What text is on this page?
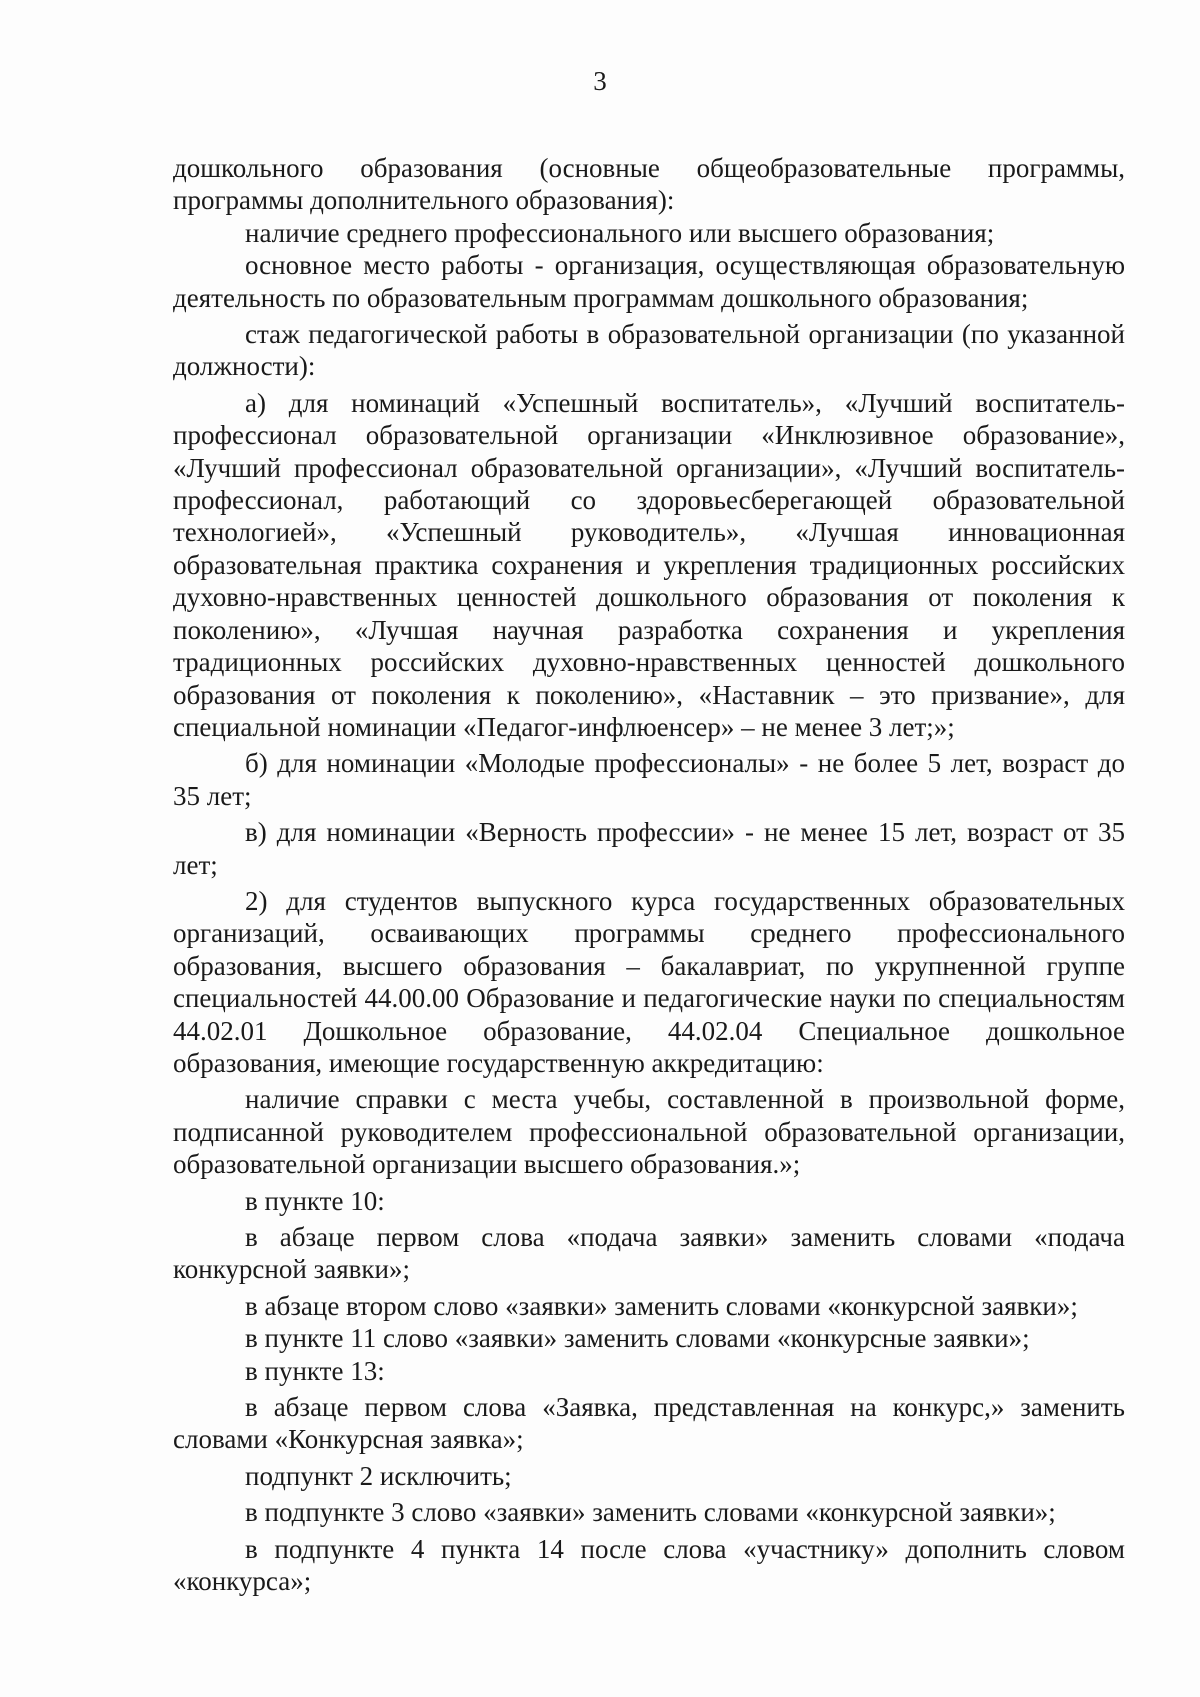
3

дошкольного образования (основные общеобразовательные программы, программы дополнительного образования):

наличие среднего профессионального или высшего образования;

основное место работы - организация, осуществляющая образовательную деятельность по образовательным программам дошкольного образования;

стаж педагогической работы в образовательной организации (по указанной должности):

а) для номинаций «Успешный воспитатель», «Лучший воспитатель-профессионал образовательной организации «Инклюзивное образование», «Лучший профессионал образовательной организации», «Лучший воспитатель-профессионал, работающий со здоровьесберегающей образовательной технологией», «Успешный руководитель», «Лучшая инновационная образовательная практика сохранения и укрепления традиционных российских духовно-нравственных ценностей дошкольного образования от поколения к поколению», «Лучшая научная разработка сохранения и укрепления традиционных российских духовно-нравственных ценностей дошкольного образования от поколения к поколению», «Наставник – это призвание», для специальной номинации «Педагог-инфлюенсер» – не менее 3 лет;»;

б) для номинации «Молодые профессионалы» - не более 5 лет, возраст до 35 лет;

в) для номинации «Верность профессии» - не менее 15 лет, возраст от 35 лет;

2) для студентов выпускного курса государственных образовательных организаций, осваивающих программы среднего профессионального образования, высшего образования – бакалавриат, по укрупненной группе специальностей 44.00.00 Образование и педагогические науки по специальностям 44.02.01 Дошкольное образование, 44.02.04 Специальное дошкольное образования, имеющие государственную аккредитацию:

наличие справки с места учебы, составленной в произвольной форме, подписанной руководителем профессиональной образовательной организации, образовательной организации высшего образования.»;

в пункте 10:

в абзаце первом слова «подача заявки» заменить словами «подача конкурсной заявки»;

в абзаце втором слово «заявки» заменить словами «конкурсной заявки»;

в пункте 11 слово «заявки» заменить словами «конкурсные заявки»;

в пункте 13:

в абзаце первом слова «Заявка, представленная на конкурс,» заменить словами «Конкурсная заявка»;

подпункт 2 исключить;

в подпункте 3 слово «заявки» заменить словами «конкурсной заявки»;

в подпункте 4 пункта 14 после слова «участнику» дополнить словом «конкурса»;
